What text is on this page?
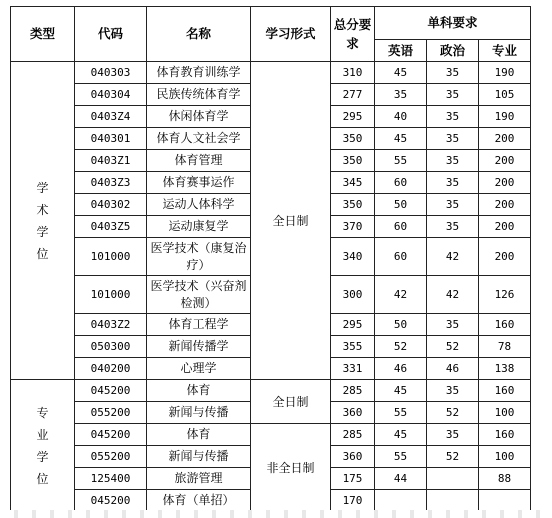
类型	代码	名称	学习形式	总分要求	单科要求		
					英语	政治	专业

学
术
学
位	040303	体育教育训练学	全日制	310	45	35	190
	040304	民族传统体育学		277	35	35	105
	0403Z4	休闲体育学		295	40	35	190
	040301	体育人文社会学		350	45	35	200
	0403Z1	体育管理		350	55	35	200
	0403Z3	体育赛事运作		345	60	35	200
	040302	运动人体科学		350	50	35	200
	0403Z5	运动康复学		370	60	35	200
	101000	医学技术（康复治疗）		340	60	42	200
	101000	医学技术（兴奋剂检测）		300	42	42	126
	0403Z2	体育工程学		295	50	35	160
	050300	新闻传播学		355	52	52	78
	040200	心理学		331	46	46	138

专
业
学
位	045200	体育	全日制	285	45	35	160
	055200	新闻与传播		360	55	52	100
	045200	体育	非全日制	285	45	35	160
	055200	新闻与传播		360	55	52	100
	125400	旅游管理		175	44		88
	045200	体育（单招）		170			
